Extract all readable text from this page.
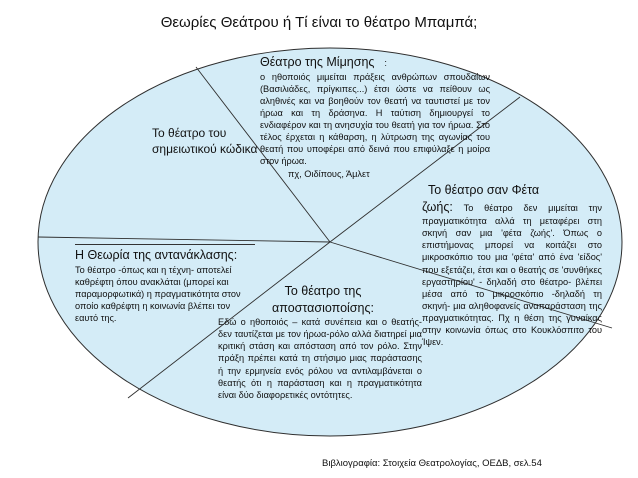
Θεωρίες Θεάτρου ή Τί είναι το θέατρο Μπαμπά;
Θέατρο της Μίμησης :
ο ηθοποιός μιμείται πράξεις ανθρώπων σπουδαίων (Βασιλιάδες, πρίγκιπες...) έτσι ώστε να πείθουν ως αληθινές και να βοηθούν τον θεατή να ταυτιστεί με τον ήρωα και τη δράσηνα. Η ταύτιση δημιουργεί το ενδιαφέρον και τη ανησυχία του θεατή για τον ήρωα. Στο τέλος έρχεται η κάθαρση, η λύτρωση της αγωνίας του θεατή που υποφέρει από δεινά που επιφύλαξε η μοίρα στον ήρωα.
πχ, Οιδίπους, Άμλετ
Το θέατρο του σημειωτικού κώδικα
Το θέατρο σαν Φέτα
ζωής: Το θέατρο δεν μιμείται την πραγματικότητα αλλά τη μεταφέρει στη σκηνή σαν μια 'φέτα ζωής'. Όπως ο επιστήμονας μπορεί να κοιτάζει στο μικροσκόπιο του μια 'φέτα' από ένα 'είδος' που εξετάζει, έτσι και ο θεατής σε 'συνθήκες εργαστηρίου' - δηλαδή στο θέατρο- βλέπει μέσα από το μικροσκόπιο -δηλαδή τη σκηνή- μια αληθοφανείς αναπαράσταση της πραγματικότητας. Πχ η θέση της γυναίκας στην κοινωνία όπως στο Κουκλόσπιτο του Ίψεν.
Η Θεωρία της αντανάκλασης:
Το θέατρο -όπως και η τέχνη- αποτελεί καθρέφτη όπου ανακλάται (μπορεί και παραμορφωτικά) η πραγματικότητα στον οποίο καθρέφτη η κοινωνία βλέπει τον εαυτό της.
Το θέατρο της αποστασιοποίσης:
Εδώ ο ηθοποιός – κατά συνέπεια και ο θεατής- δεν ταυτίζεται με τον ήρωα-ρόλο αλλά διατηρεί μια κριτική στάση και απόσταση από τον ρόλο. Στην πράξη πρέπει κατά τη στήσιμο μιας παράστασης ή την ερμηνεία ενός ρόλου να αντιλαμβάνεται ο θεατής ότι η παράσταση και η πραγματικότητα είναι δύο διαφορετικές οντότητες.
Βιβλιογραφία: Στοιχεία Θεατρολογίας, ΟΕΔΒ, σελ.54
